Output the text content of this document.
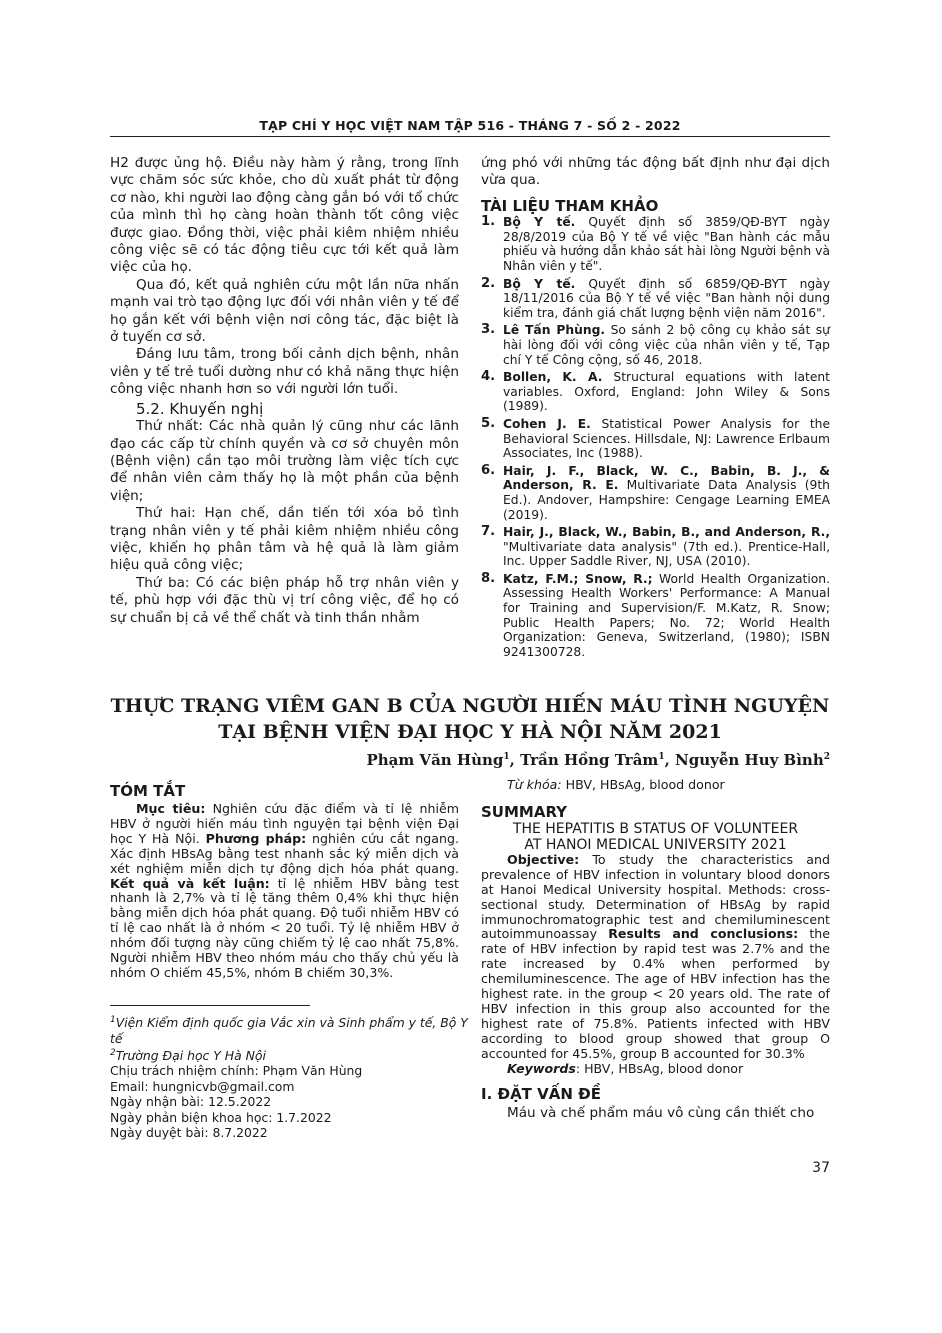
TẠP CHÍ Y HỌC VIỆT NAM TẬP 516 - THÁNG 7 - SỐ 2 - 2022

H2 được ủng hộ. Điều này hàm ý rằng, trong lĩnh vực chăm sóc sức khỏe, cho dù xuất phát từ động cơ nào, khi người lao động càng gắn bó với tổ chức của mình thì họ càng hoàn thành tốt công việc được giao. Đồng thời, việc phải kiêm nhiệm nhiều công việc sẽ có tác động tiêu cực tới kết quả làm việc của họ.

Qua đó, kết quả nghiên cứu một lần nữa nhấn mạnh vai trò tạo động lực đối với nhân viên y tế để họ gắn kết với bệnh viện nơi công tác, đặc biệt là ở tuyến cơ sở.

Đáng lưu tâm, trong bối cảnh dịch bệnh, nhân viên y tế trẻ tuổi dường như có khả năng thực hiện công việc nhanh hơn so với người lớn tuổi.

5.2. Khuyến nghị

Thứ nhất: Các nhà quản lý cũng như các lãnh đạo các cấp từ chính quyền và cơ sở chuyên môn (Bệnh viện) cần tạo môi trường làm việc tích cực để nhân viên cảm thấy họ là một phần của bệnh viện;

Thứ hai: Hạn chế, dần tiến tới xóa bỏ tình trạng nhân viên y tế phải kiêm nhiệm nhiều công việc, khiến họ phân tâm và hệ quả là làm giảm hiệu quả công việc;

Thứ ba: Có các biện pháp hỗ trợ nhân viên y tế, phù hợp với đặc thù vị trí công việc, để họ có sự chuẩn bị cả về thể chất và tinh thần nhằm

ứng phó với những tác động bất định như đại dịch vừa qua.

TÀI LIỆU THAM KHẢO

1. Bộ Y tế. Quyết định số 3859/QĐ-BYT ngày 28/8/2019 của Bộ Y tế về việc "Ban hành các mẫu phiếu và hướng dẫn khảo sát hài lòng Người bệnh và Nhân viên y tế".
2. Bộ Y tế. Quyết định số 6859/QĐ-BYT ngày 18/11/2016 của Bộ Y tế về việc "Ban hành nội dung kiểm tra, đánh giá chất lượng bệnh viện năm 2016".
3. Lê Tấn Phùng. So sánh 2 bộ công cụ khảo sát sự hài lòng đối với công việc của nhân viên y tế, Tạp chí Y tế Công cộng, số 46, 2018.
4. Bollen, K. A. Structural equations with latent variables. Oxford, England: John Wiley & Sons (1989).
5. Cohen J. E. Statistical Power Analysis for the Behavioral Sciences. Hillsdale, NJ: Lawrence Erlbaum Associates, Inc (1988).
6. Hair, J. F., Black, W. C., Babin, B. J., & Anderson, R. E. Multivariate Data Analysis (9th Ed.). Andover, Hampshire: Cengage Learning EMEA (2019).
7. Hair, J., Black, W., Babin, B., and Anderson, R., "Multivariate data analysis" (7th ed.). Prentice-Hall, Inc. Upper Saddle River, NJ, USA (2010).
8. Katz, F.M.; Snow, R.; World Health Organization. Assessing Health Workers' Performance: A Manual for Training and Supervision/F. M.Katz, R. Snow; Public Health Papers; No. 72; World Health Organization: Geneva, Switzerland, (1980); ISBN 9241300728.
THỰC TRẠNG VIÊM GAN B CỦA NGƯỜI HIẾN MÁU TÌNH NGUYỆN
TẠI BỆNH VIỆN ĐẠI HỌC Y HÀ NỘI NĂM 2021
Phạm Văn Hùng$^1$, Trần Hồng Trâm$^1$, Nguyễn Huy Bình$^2$
TÓM TẮT

Mục tiêu: Nghiên cứu đặc điểm và tỉ lệ nhiễm HBV ở người hiến máu tình nguyện tại bệnh viện Đại học Y Hà Nội. Phương pháp: nghiên cứu cắt ngang. Xác định HBsAg bằng test nhanh sắc ký miễn dịch và xét nghiệm miễn dịch tự động dịch hóa phát quang. Kết quả và kết luận: tỉ lệ nhiễm HBV bằng test nhanh là 2,7% và tỉ lệ tăng thêm 0,4% khi thực hiện bằng miễn dịch hóa phát quang. Độ tuổi nhiễm HBV có tỉ lệ cao nhất là ở nhóm < 20 tuổi. Tỷ lệ nhiễm HBV ở nhóm đối tượng này cũng chiếm tỷ lệ cao nhất 75,8%. Người nhiễm HBV theo nhóm máu cho thấy chủ yếu là nhóm O chiếm 45,5%, nhóm B chiếm 30,3%.

$^1$Viện Kiểm định quốc gia Vắc xin và Sinh phẩm y tế, Bộ Y tế

$^2$Trường Đại học Y Hà Nội

Chịu trách nhiệm chính: Phạm Văn Hùng

Email: hungnicvb@gmail.com

Ngày nhận bài: 12.5.2022

Ngày phản biện khoa học: 1.7.2022

Ngày duyệt bài: 8.7.2022

Từ khóa: HBV, HBsAg, blood donor
SUMMARY
THE HEPATITIS B STATUS OF VOLUNTEER
AT HANOI MEDICAL UNIVERSITY 2021

Objective: To study the characteristics and prevalence of HBV infection in voluntary blood donors at Hanoi Medical University hospital. Methods: cross-sectional study. Determination of HBsAg by rapid immunochromatographic test and chemiluminescent autoimmunoassay Results and conclusions: the rate of HBV infection by rapid test was 2.7% and the rate increased by 0.4% when performed by chemiluminescence. The age of HBV infection has the highest rate. in the group < 20 years old. The rate of HBV infection in this group also accounted for the highest rate of 75.8%. Patients infected with HBV according to blood group showed that group O accounted for 45.5%, group B accounted for 30.3%

Keywords: HBV, HBsAg, blood donor

I. ĐẶT VẤN ĐỀ
Máu và chế phẩm máu vô cùng cần thiết cho
37
